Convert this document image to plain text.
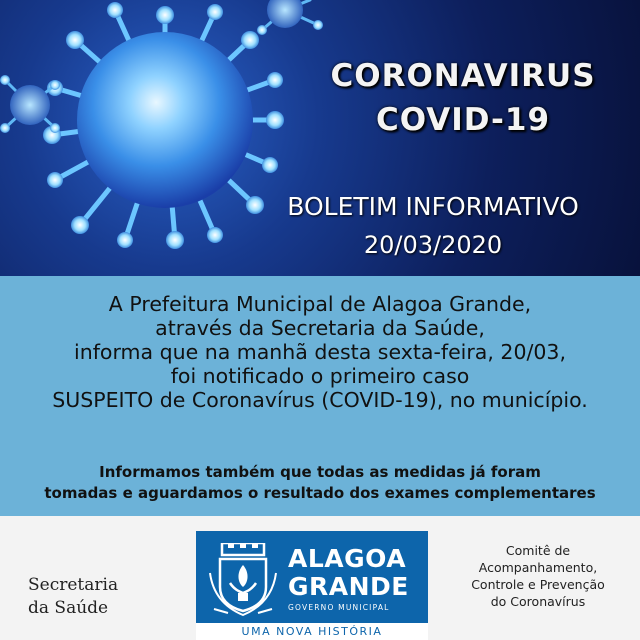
CORONAVIRUS
COVID-19
BOLETIM INFORMATIVO
20/03/2020
A Prefeitura Municipal de Alagoa Grande,
através da Secretaria da Saúde,
informa que na manhã desta sexta-feira, 20/03,
foi notificado o primeiro caso
SUSPEITO de Coronavírus (COVID-19), no município.
Informamos também que todas as medidas já foram
tomadas e aguardamos o resultado dos exames complementares
Secretaria
da Saúde
ALAGOA
GRANDE
GOVERNO MUNICIPAL
UMA NOVA HISTÓRIA
Comitê de
Acompanhamento,
Controle e Prevenção
do Coronavírus
